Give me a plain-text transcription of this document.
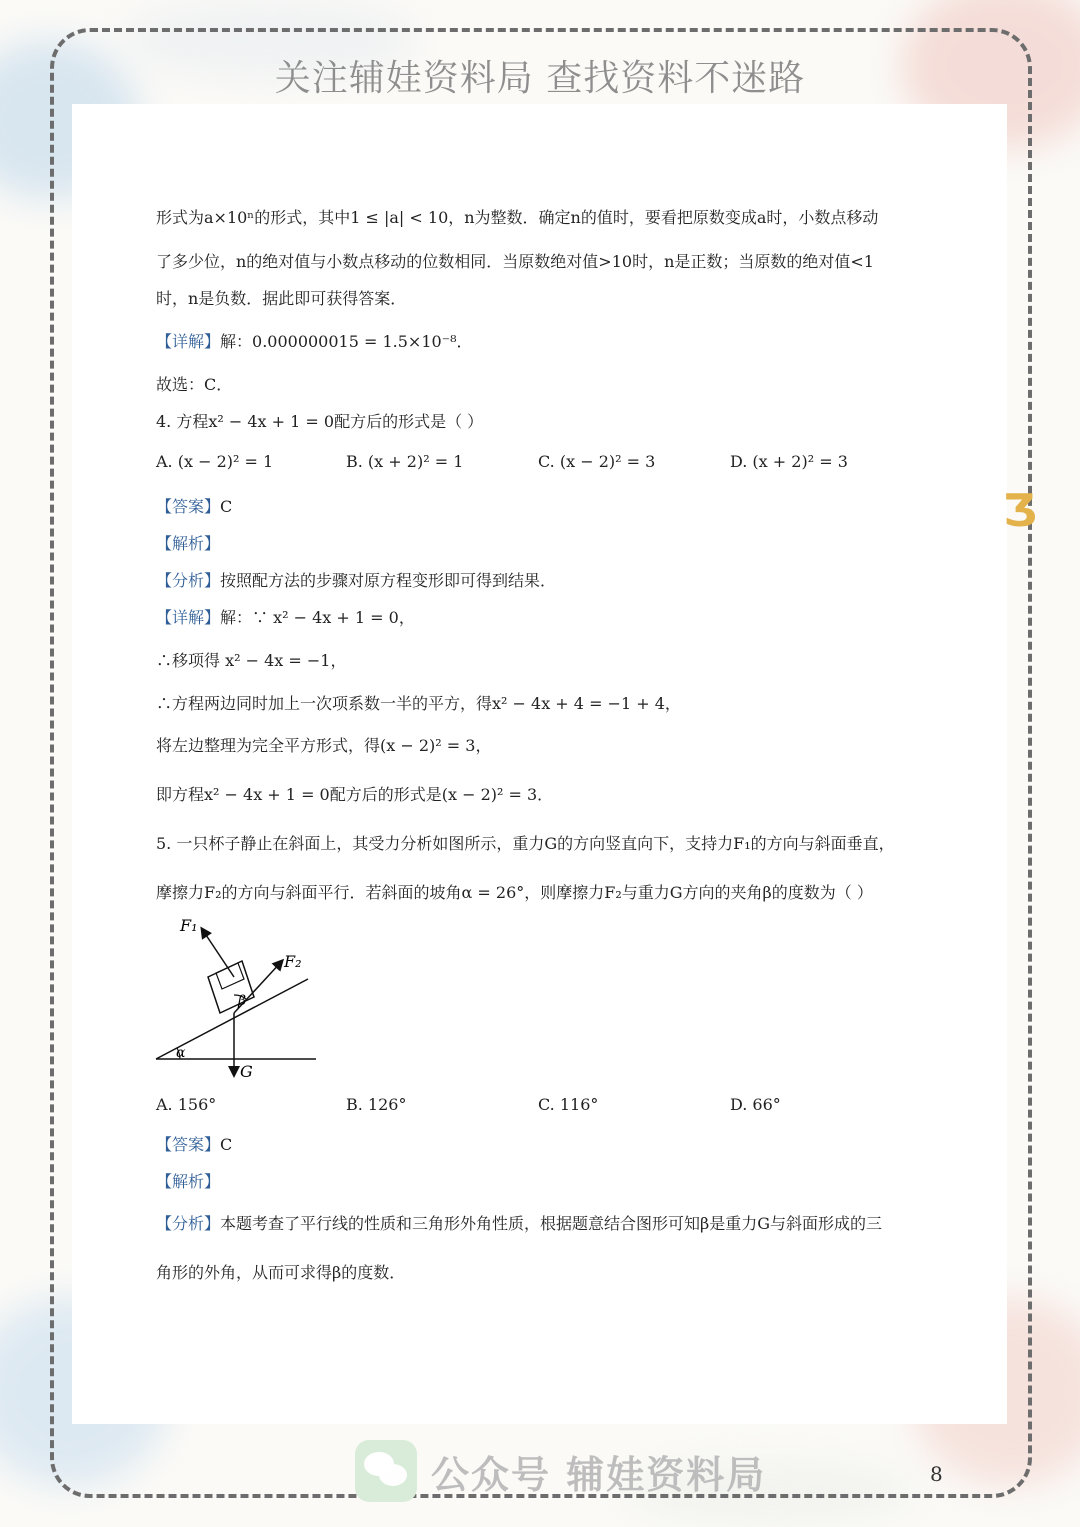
关注辅娃资料局 查找资料不迷路
Ʒ
形式为a×10ⁿ的形式，其中1 ≤ |a| < 10，n为整数．确定n的值时，要看把原数变成a时，小数点移动
了多少位，n的绝对值与小数点移动的位数相同．当原数绝对值>10时，n是正数；当原数的绝对值<1
时，n是负数．据此即可获得答案．
【详解】解：0.000000015 = 1.5×10⁻⁸．
故选：C．
4. 方程x² − 4x + 1 = 0配方后的形式是（ ）
A. (x − 2)² = 1	B. (x + 2)² = 1	C. (x − 2)² = 3	D. (x + 2)² = 3
【答案】C
【解析】
【分析】按照配方法的步骤对原方程变形即可得到结果．
【详解】解：∵ x² − 4x + 1 = 0，
∴移项得 x² − 4x = −1，
∴方程两边同时加上一次项系数一半的平方，得x² − 4x + 4 = −1 + 4，
将左边整理为完全平方形式，得(x − 2)² = 3，
即方程x² − 4x + 1 = 0配方后的形式是(x − 2)² = 3．
5. 一只杯子静止在斜面上，其受力分析如图所示，重力G的方向竖直向下，支持力F₁的方向与斜面垂直，
摩擦力F₂的方向与斜面平行．若斜面的坡角α = 26°，则摩擦力F₂与重力G方向的夹角β的度数为（ ）
A. 156°	B. 126°	C. 116°	D. 66°
【答案】C
【解析】
【分析】本题考查了平行线的性质和三角形外角性质，根据题意结合图形可知β是重力G与斜面形成的三
角形的外角，从而可求得β的度数．
F₁
F₂
G
α
β
公众号 辅娃资料局	8
